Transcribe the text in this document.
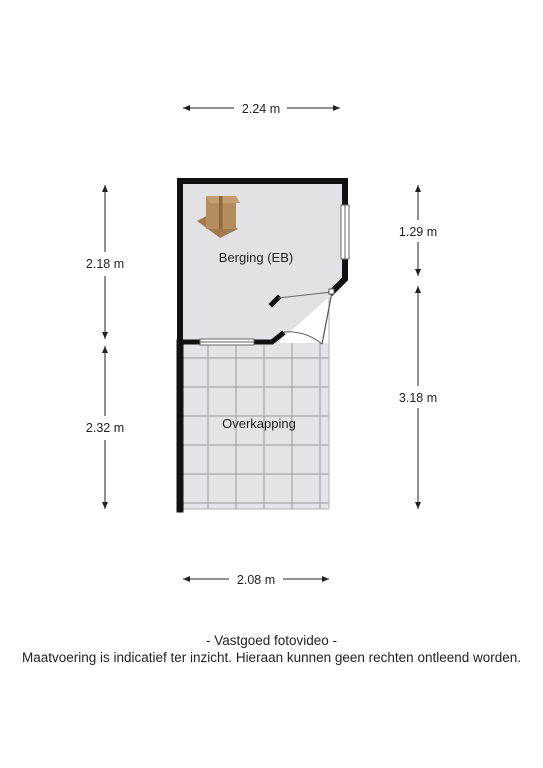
Berging (EB)
Overkapping
2.24 m
2.08 m
2.18 m
2.32 m
1.29 m
3.18 m
- Vastgoed fotovideo -
Maatvoering is indicatief ter inzicht. Hieraan kunnen geen rechten ontleend worden.
